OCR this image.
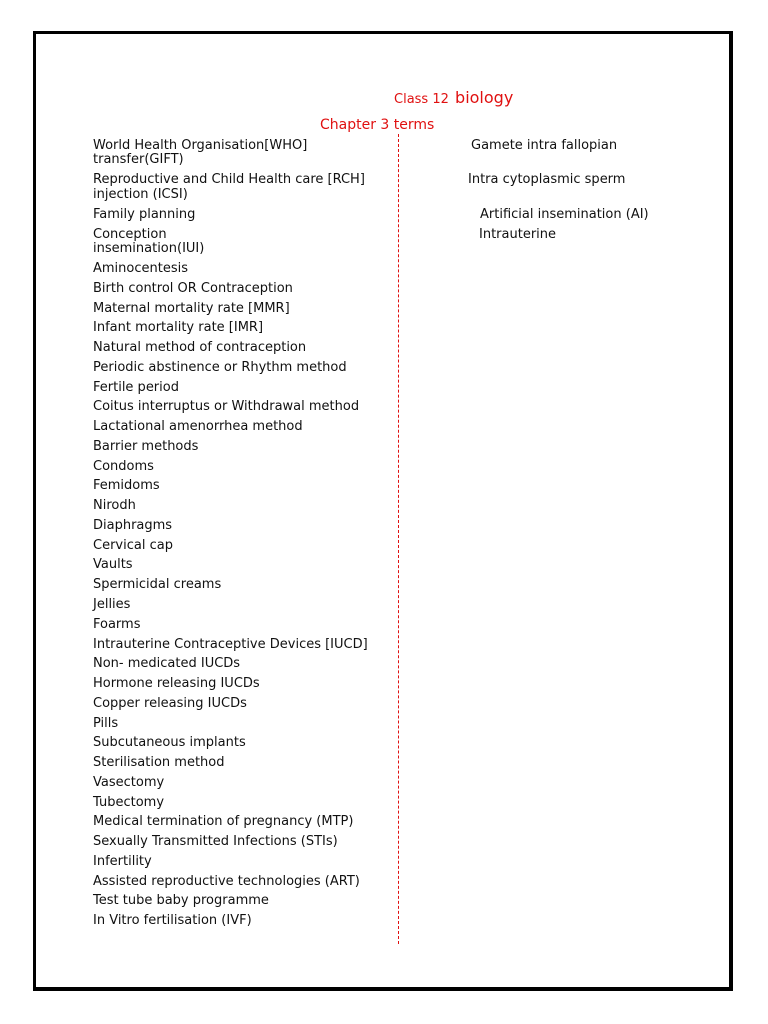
Class 12 biology
Chapter 3 terms
World Health Organisation[WHO]
transfer(GIFT)
Reproductive and Child Health care [RCH]
injection (ICSI)
Family planning
Conception
insemination(IUI)
Aminocentesis
Birth control OR Contraception
Maternal mortality rate [MMR]
Infant mortality rate [IMR]
Natural method of contraception
Periodic abstinence or Rhythm method
Fertile period
Coitus interruptus or Withdrawal method
Lactational amenorrhea method
Barrier methods
Condoms
Femidoms
Nirodh
Diaphragms
Cervical cap
Vaults
Spermicidal creams
Jellies
Foarms
Intrauterine Contraceptive Devices [IUCD]
Non- medicated IUCDs
Hormone releasing IUCDs
Copper releasing IUCDs
Pills
Subcutaneous implants
Sterilisation method
Vasectomy
Tubectomy
Medical termination of pregnancy (MTP)
Sexually Transmitted Infections (STIs)
Infertility
Assisted reproductive technologies (ART)
Test tube baby programme
In Vitro fertilisation (IVF)
Gamete intra fallopian
Intra cytoplasmic sperm
Artificial insemination (AI)
Intrauterine
